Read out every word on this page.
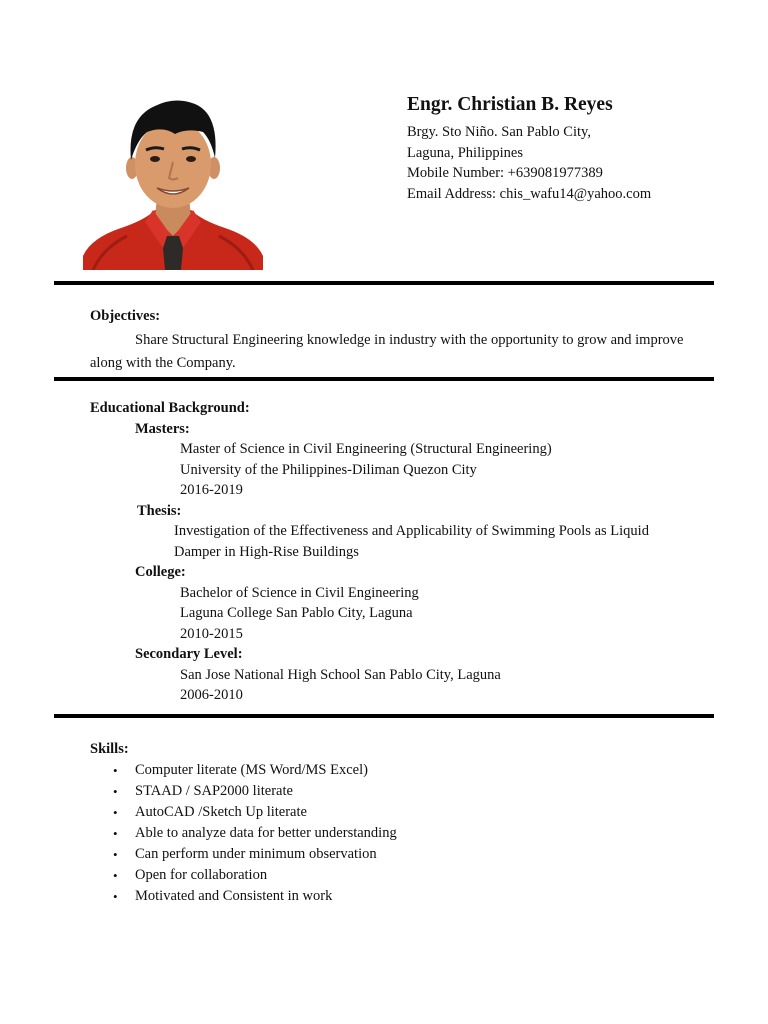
Engr. Christian B. Reyes
Brgy. Sto Niño. San Pablo City,
Laguna, Philippines
Mobile Number: +639081977389
Email Address: chis_wafu14@yahoo.com
Objectives:
Share Structural Engineering knowledge in industry with the opportunity to grow and improve along with the Company.
Educational Background:
Masters:
Master of Science in Civil Engineering (Structural Engineering)
University of the Philippines-Diliman Quezon City
2016-2019
Thesis:
Investigation of the Effectiveness and Applicability of Swimming Pools as Liquid
Damper in High-Rise Buildings
College:
Bachelor of Science in Civil Engineering
Laguna College San Pablo City, Laguna
2010-2015
Secondary Level:
San Jose National High School San Pablo City, Laguna
2006-2010
Skills:
• Computer literate (MS Word/MS Excel)
• STAAD / SAP2000 literate
• AutoCAD /Sketch Up literate
• Able to analyze data for better understanding
• Can perform under minimum observation
• Open for collaboration
• Motivated and Consistent in work
